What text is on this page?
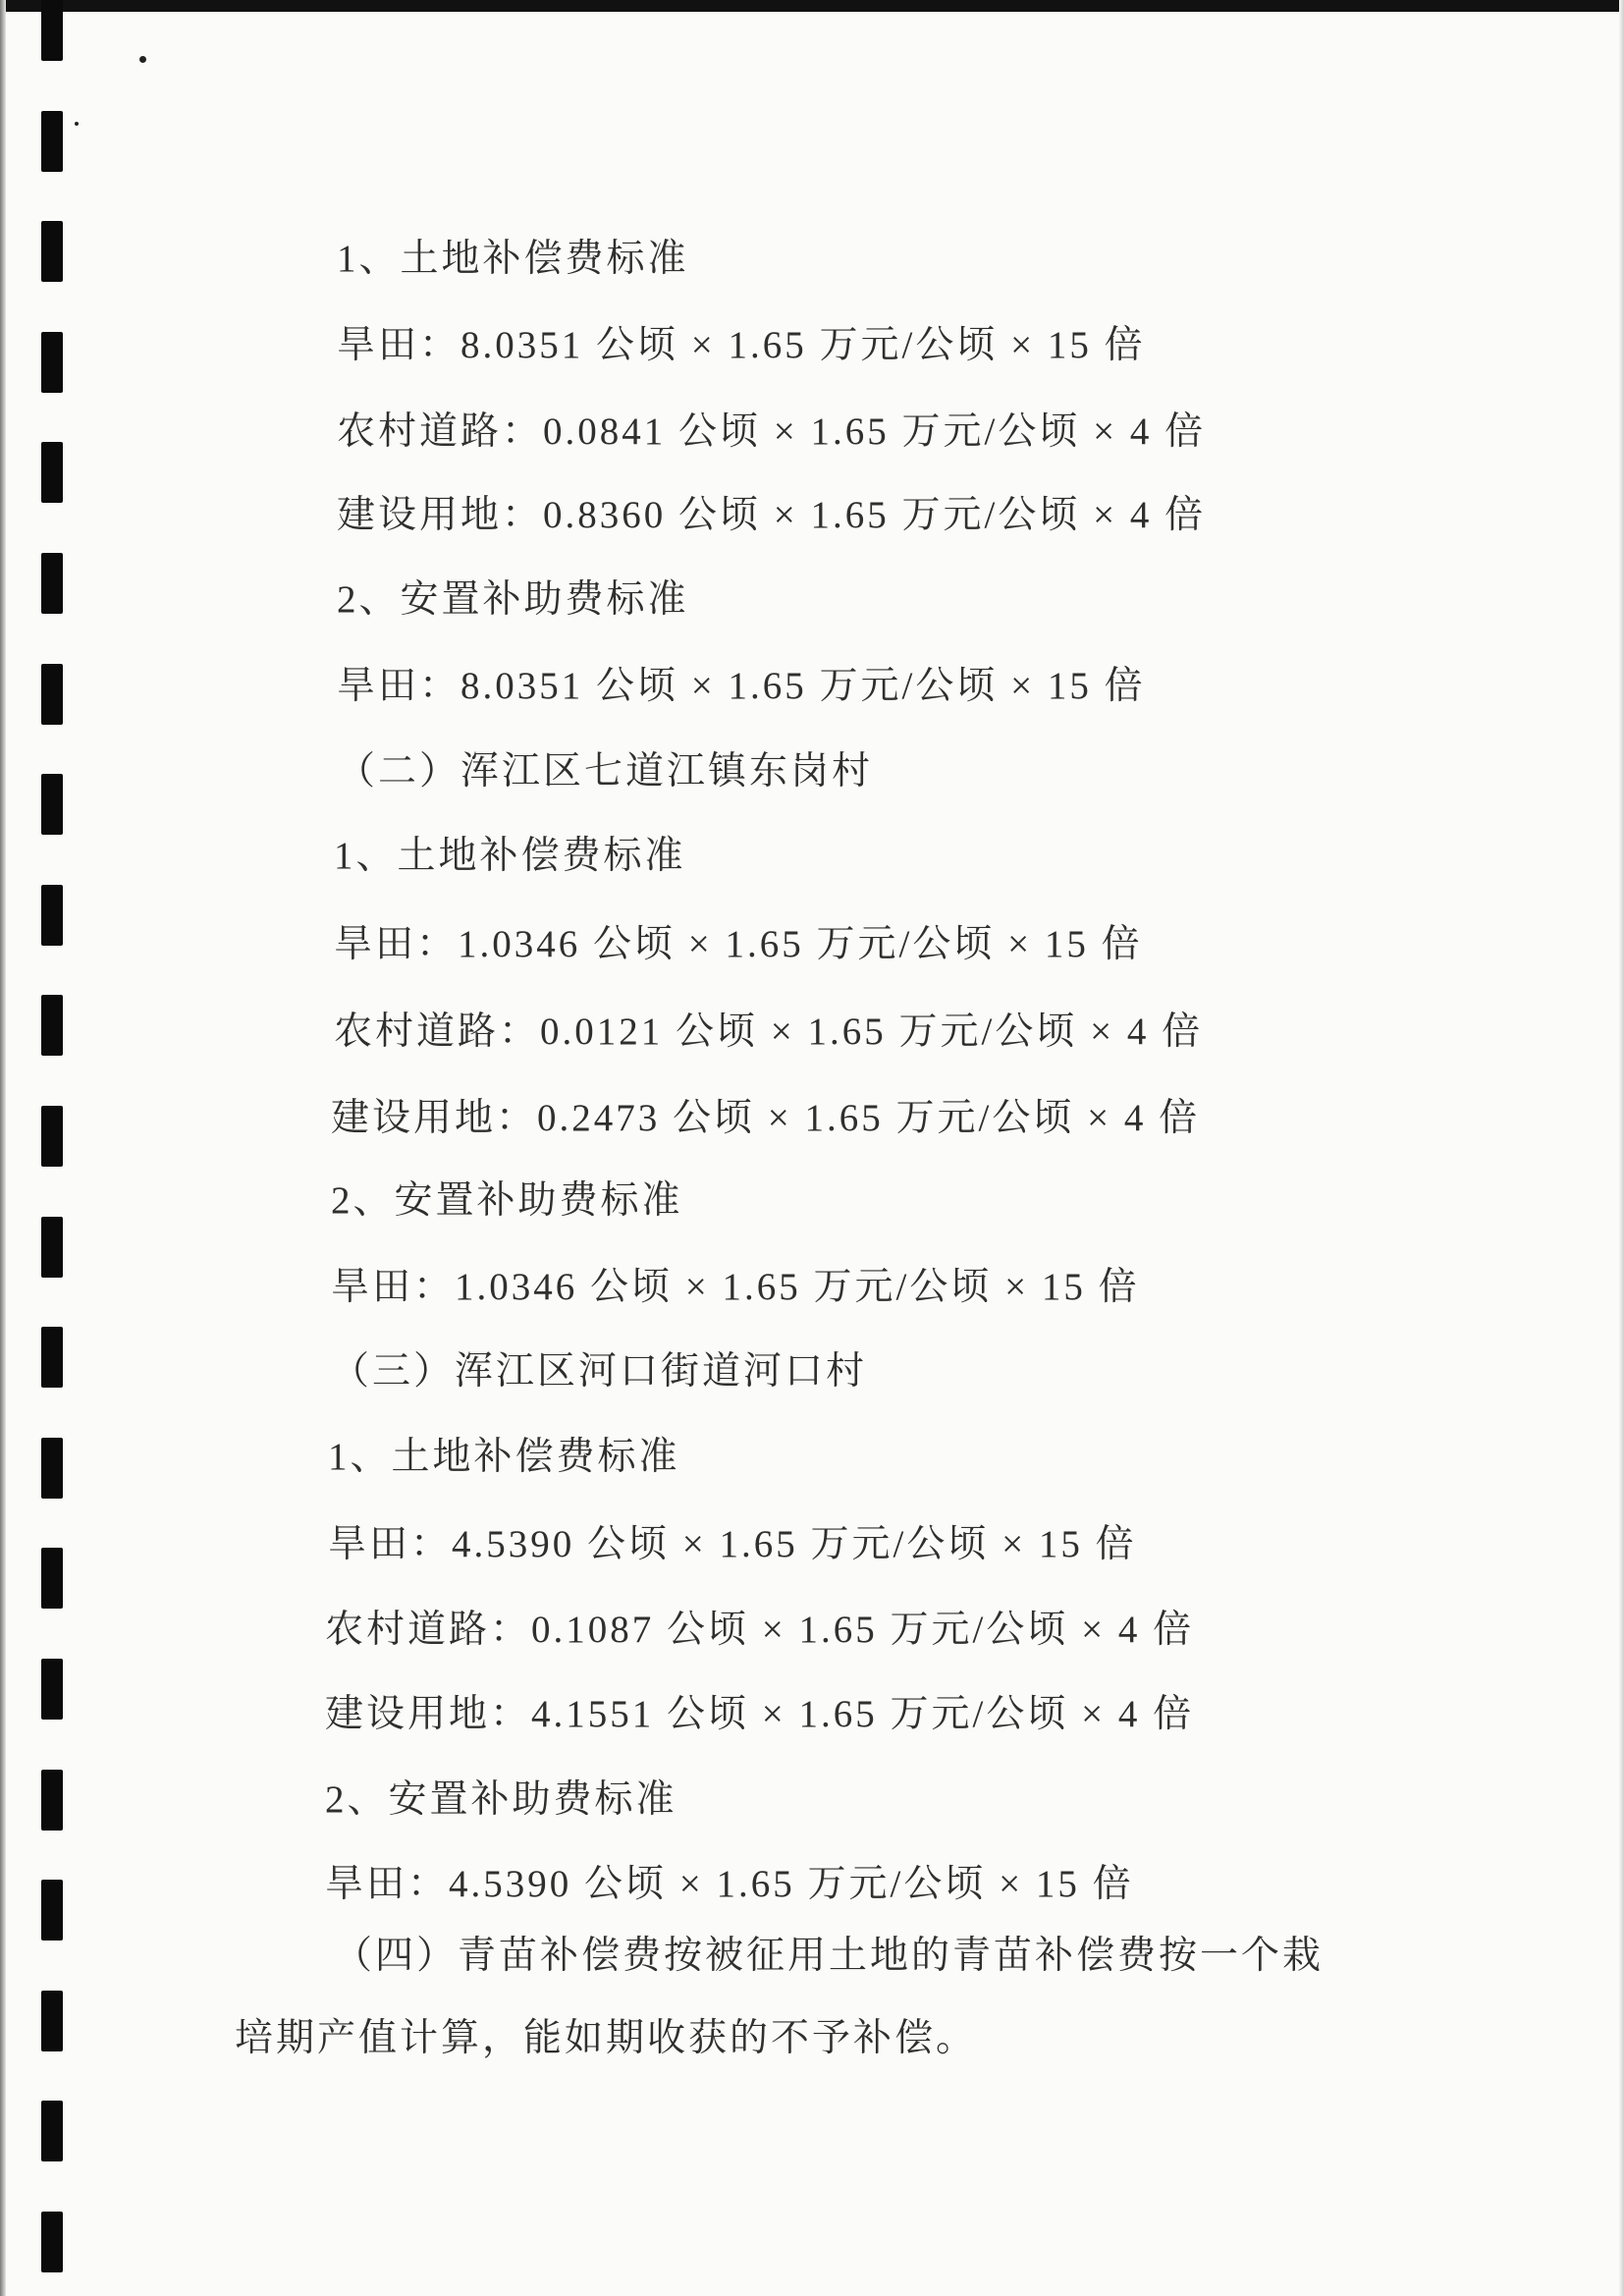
1、土地补偿费标准
旱田：8.0351 公顷 × 1.65 万元/公顷 × 15 倍
农村道路：0.0841 公顷 × 1.65 万元/公顷 × 4 倍
建设用地：0.8360 公顷 × 1.65 万元/公顷 × 4 倍
2、安置补助费标准
旱田：8.0351 公顷 × 1.65 万元/公顷 × 15 倍
（二）浑江区七道江镇东岗村
1、土地补偿费标准
旱田：1.0346 公顷 × 1.65 万元/公顷 × 15 倍
农村道路：0.0121 公顷 × 1.65 万元/公顷 × 4 倍
建设用地：0.2473 公顷 × 1.65 万元/公顷 × 4 倍
2、安置补助费标准
旱田：1.0346 公顷 × 1.65 万元/公顷 × 15 倍
（三）浑江区河口街道河口村
1、土地补偿费标准
旱田：4.5390 公顷 × 1.65 万元/公顷 × 15 倍
农村道路：0.1087 公顷 × 1.65 万元/公顷 × 4 倍
建设用地：4.1551 公顷 × 1.65 万元/公顷 × 4 倍
2、安置补助费标准
旱田：4.5390 公顷 × 1.65 万元/公顷 × 15 倍
（四）青苗补偿费按被征用土地的青苗补偿费按一个栽
培期产值计算，能如期收获的不予补偿。
